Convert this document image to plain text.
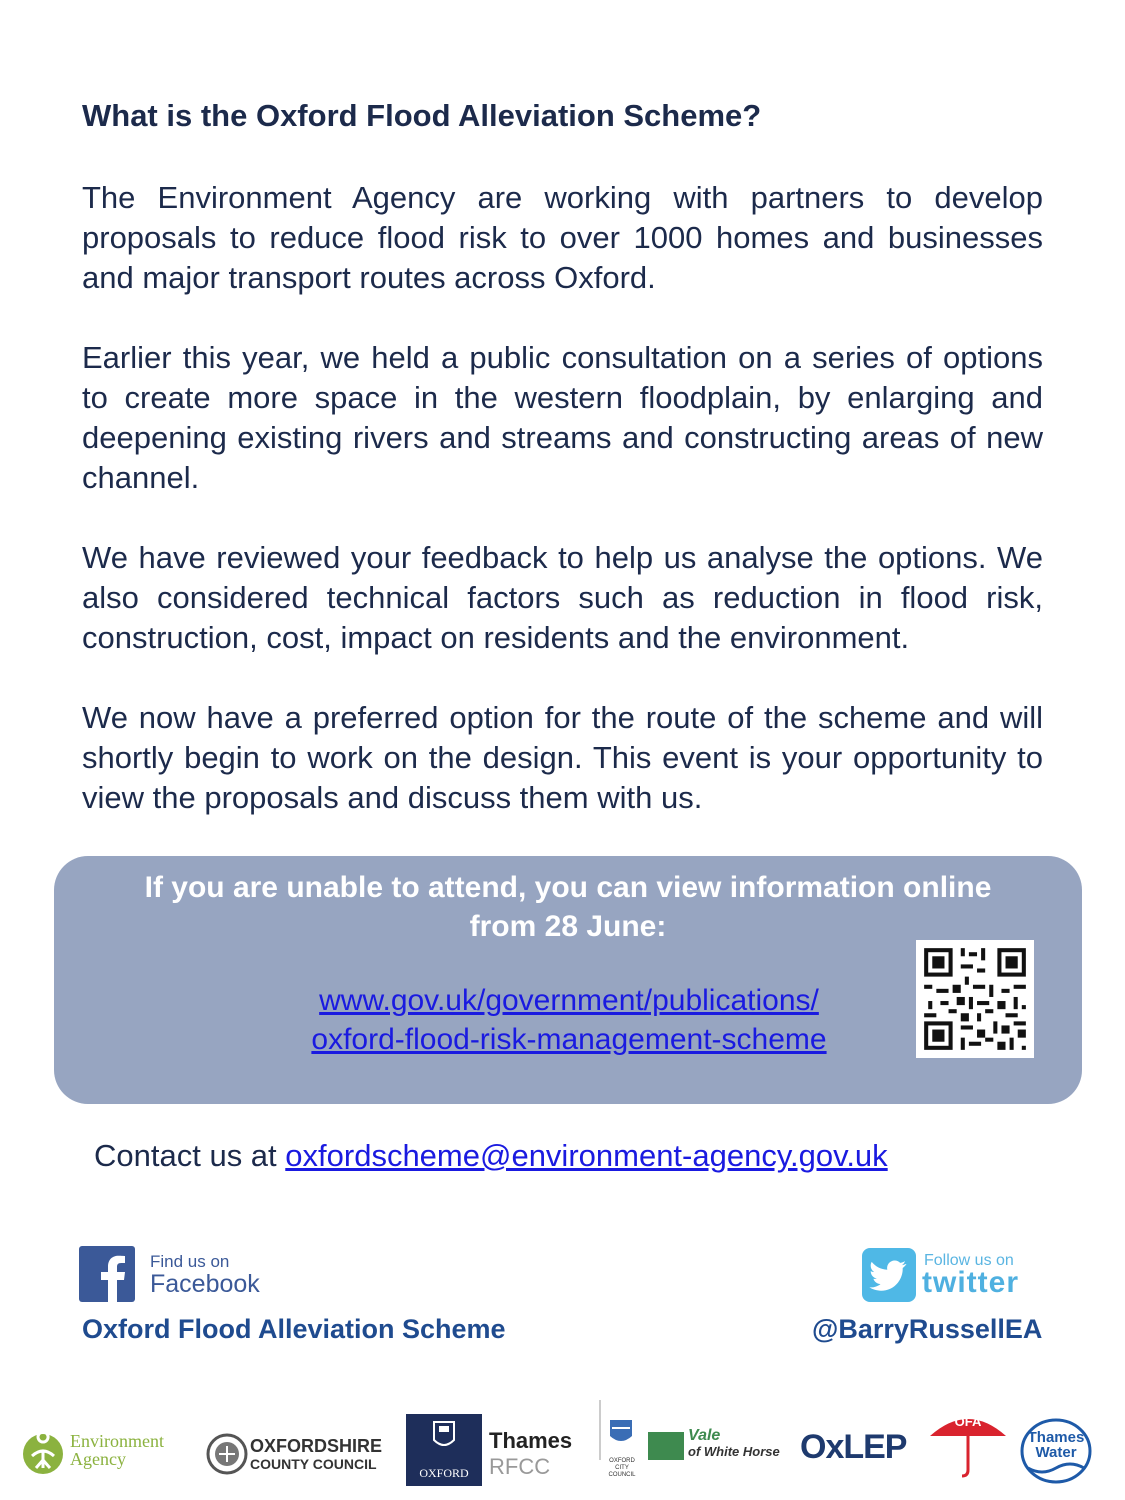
What is the Oxford Flood Alleviation Scheme?

The Environment Agency are working with partners to develop proposals to reduce flood risk to over 1000 homes and businesses and major transport routes across Oxford.

Earlier this year, we held a public consultation on a series of options to create more space in the western floodplain, by enlarging and deepening existing rivers and streams and constructing areas of new channel.

We have reviewed your feedback to help us analyse the options. We also considered technical factors such as reduction in flood risk, construction, cost, impact on residents and the environment.

We now have a preferred option for the route of the scheme and will shortly begin to work on the design. This event is your opportunity to view the proposals and discuss them with us.

If you are unable to attend, you can view information online
from 28 June:
www.gov.uk/government/publications/
oxford-flood-risk-management-scheme
Contact us at oxfordscheme@environment-agency.gov.uk
Find us on
Facebook
Oxford Flood Alleviation Scheme
Follow us on
twitter
@BarryRussellEA
Environment
Agency
OXFORDSHIRE
COUNTY COUNCIL
OXFORD
Thames
RFCC	OXFORD CITY COUNCIL
Vale
of White Horse OxLEP
OFA
Thames
Water
